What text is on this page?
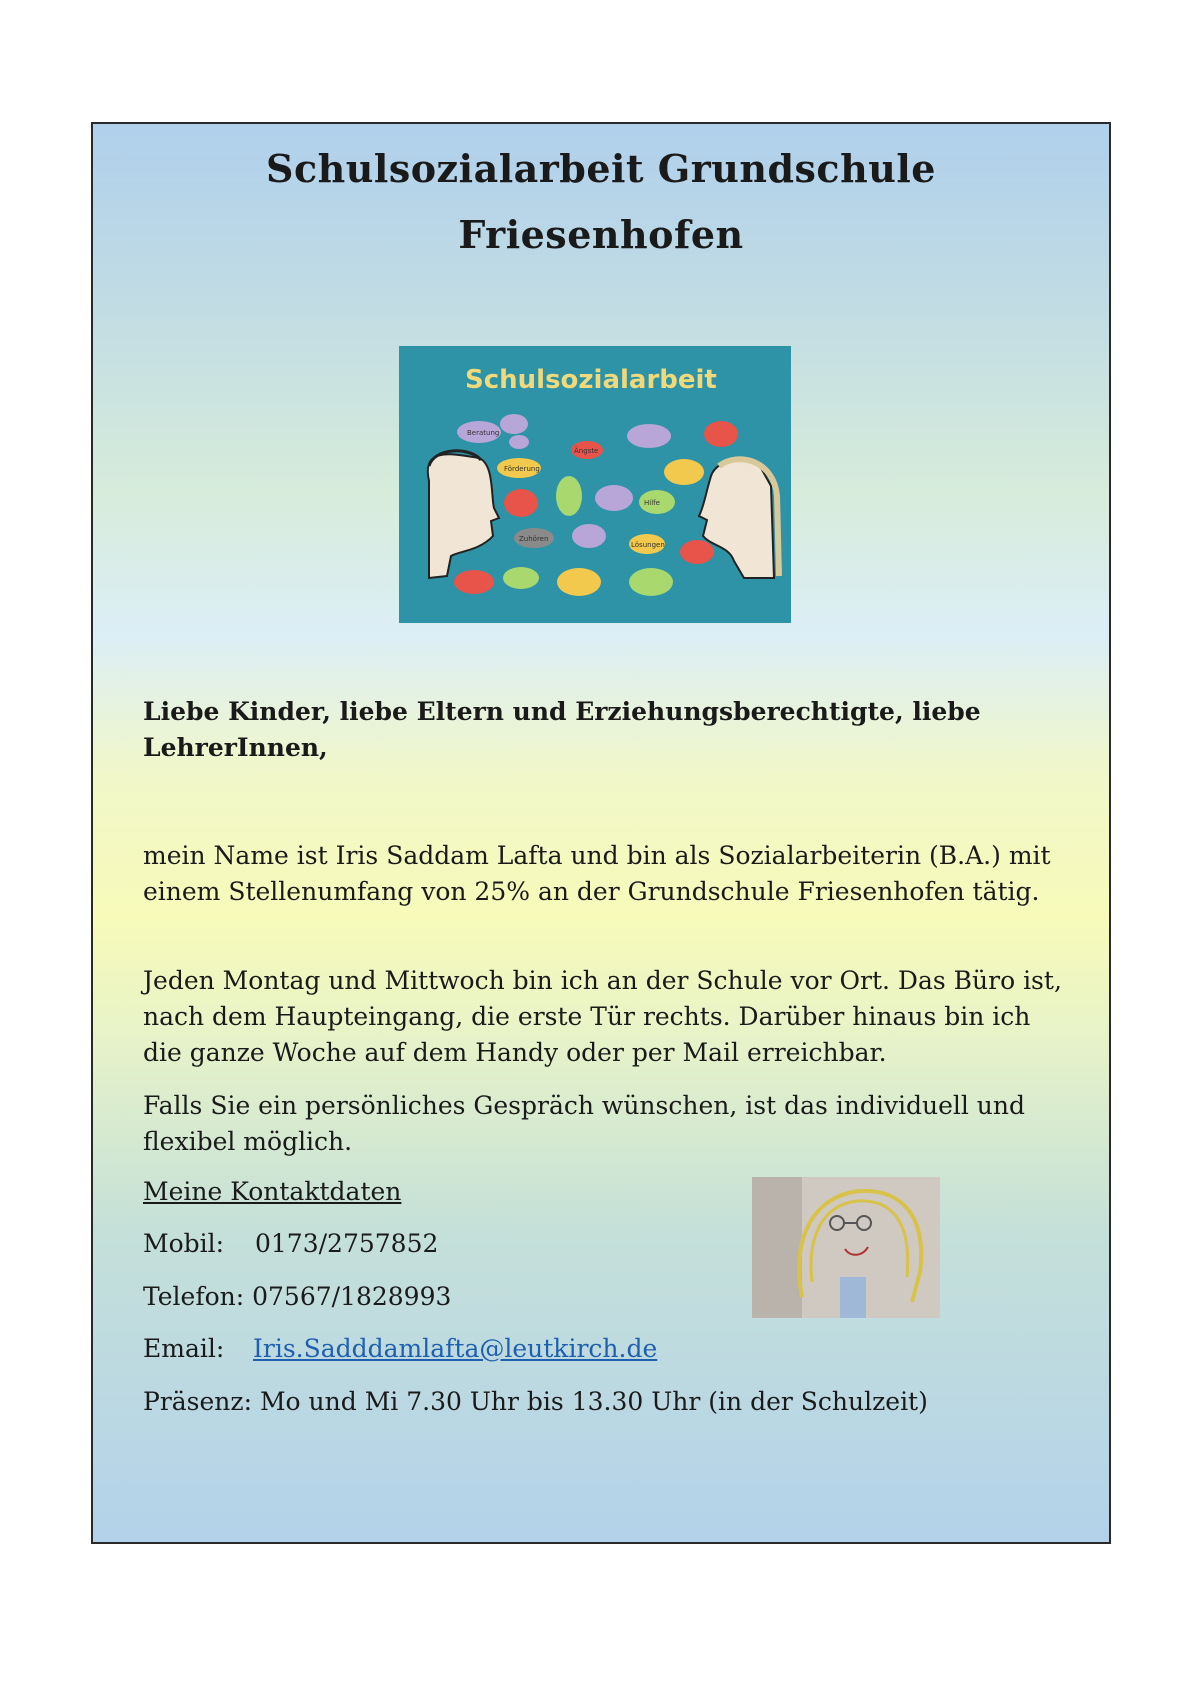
Schulsozialarbeit Grundschule
Friesenhofen
Schulsozialarbeit
Beratung
Ängste
Förderung
Hilfe
Zuhören
Lösungen

Liebe Kinder, liebe Eltern und Erziehungsberechtigte, liebe LehrerInnen,

mein Name ist Iris Saddam Lafta und bin als Sozialarbeiterin (B.A.) mit einem Stellenumfang von 25% an der Grundschule Friesenhofen tätig.

Jeden Montag und Mittwoch bin ich an der Schule vor Ort. Das Büro ist, nach dem Haupteingang, die erste Tür rechts. Darüber hinaus bin ich die ganze Woche auf dem Handy oder per Mail erreichbar.

Falls Sie ein persönliches Gespräch wünschen, ist das individuell und flexibel möglich.

Meine Kontaktdaten
Mobil: 0173/2757852
Telefon: 07567/1828993
Email: Iris.Sadddamlafta@leutkirch.de
Präsenz: Mo und Mi 7.30 Uhr bis 13.30 Uhr (in der Schulzeit)
